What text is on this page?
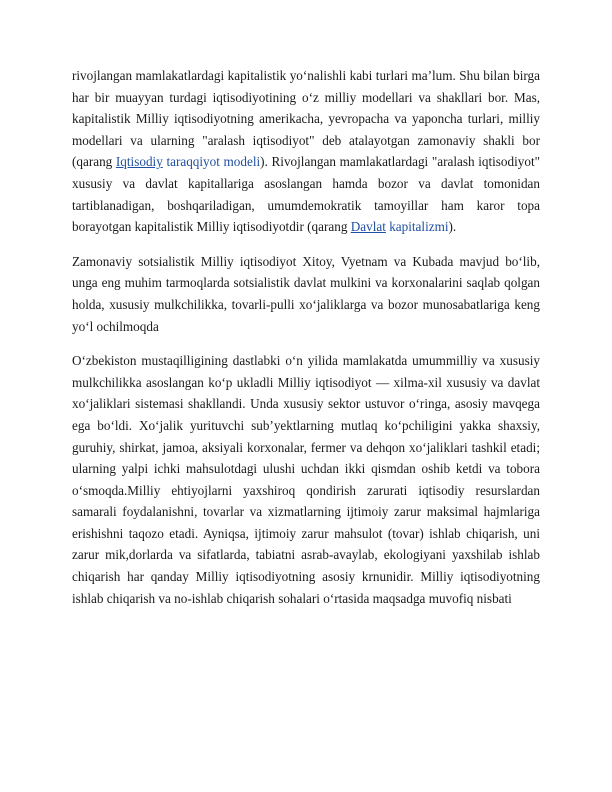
rivojlangan mamlakatlardagi kapitalistik yoʻnalishli kabi turlari maʼlum. Shu bilan birga har bir muayyan turdagi iqtisodiyotining oʻz milliy modellari va shakllari bor. Mas, kapitalistik Milliy iqtisodiyotning amerikacha, yevropacha va yaponcha turlari, milliy modellari va ularning "aralash iqtisodiyot" deb atalayotgan zamonaviy shakli bor (qarang Iqtisodiy taraqqiyot modeli). Rivojlangan mamlakatlardagi "aralash iqtisodiyot" xususiy va davlat kapitallariga asoslangan hamda bozor va davlat tomonidan tartiblanadigan, boshqariladigan, umumdemokratik tamoyillar ham karor topa borayotgan kapitalistik Milliy iqtisodiyotdir (qarang Davlat kapitalizmi).

Zamonaviy sotsialistik Milliy iqtisodiyot Xitoy, Vyetnam va Kubada mavjud boʻlib, unga eng muhim tarmoqlarda sotsialistik davlat mulkini va korxonalarini saqlab qolgan holda, xususiy mulkchilikka, tovarli-pulli xoʻjaliklarga va bozor munosabatlariga keng yoʻl ochilmoqda

Oʻzbekiston mustaqilligining dastlabki oʻn yilida mamlakatda umummilliy va xususiy mulkchilikka asoslangan koʻp ukladli Milliy iqtisodiyot — xilma-xil xususiy va davlat xoʻjaliklari sistemasi shakllandi. Unda xususiy sektor ustuvor oʻringa, asosiy mavqega ega boʻldi. Xoʻjalik yurituvchi subʼyektlarning mutlaq koʻpchiligini yakka shaxsiy, guruhiy, shirkat, jamoa, aksiyali korxonalar, fermer va dehqon xoʻjaliklari tashkil etadi; ularning yalpi ichki mahsulotdagi ulushi uchdan ikki qismdan oshib ketdi va tobora oʻsmoqda.Milliy ehtiyojlarni yaxshiroq qondirish zarurati iqtisodiy resurslardan samarali foydalanishni, tovarlar va xizmatlarning ijtimoiy zarur maksimal hajmlariga erishishni taqozo etadi. Ayniqsa, ijtimoiy zarur mahsulot (tovar) ishlab chiqarish, uni zarur mik,dorlarda va sifatlarda, tabiatni asrab-avaylab, ekologiyani yaxshilab ishlab chiqarish har qanday Milliy iqtisodiyotning asosiy krnunidir. Milliy iqtisodiyotning ishlab chiqarish va no-ishlab chiqarish sohalari oʻrtasida maqsadga muvofiq nisbati
